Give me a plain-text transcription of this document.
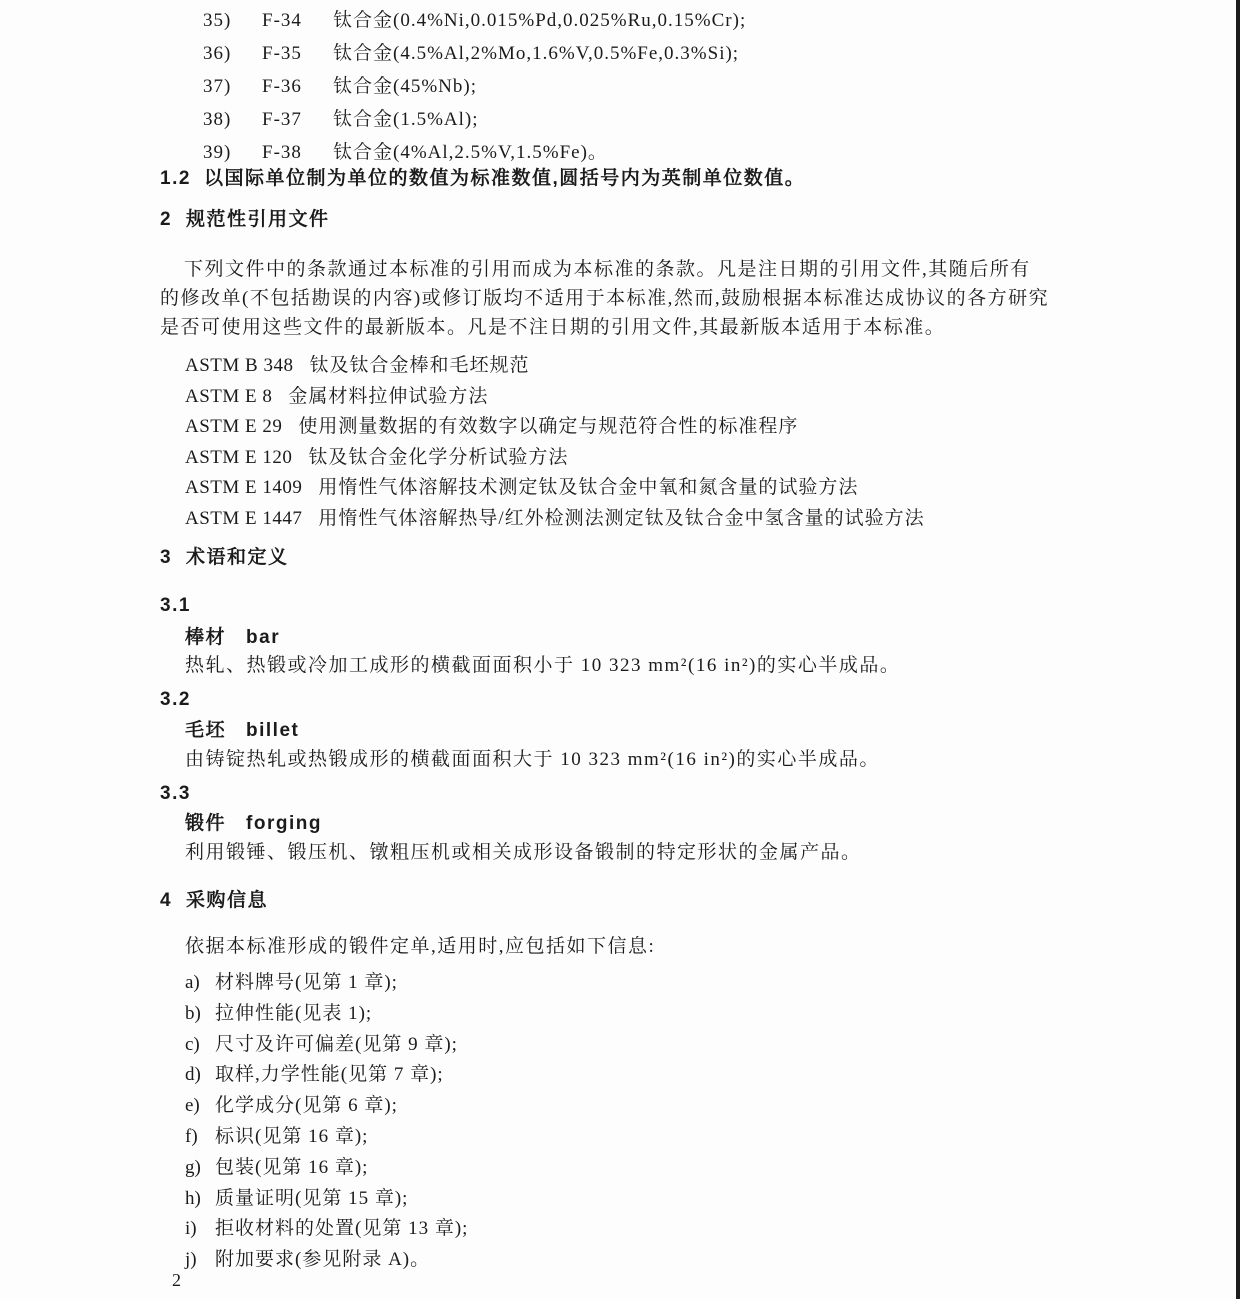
35) F-34 钛合金(0.4%Ni,0.015%Pd,0.025%Ru,0.15%Cr);
36) F-35 钛合金(4.5%Al,2%Mo,1.6%V,0.5%Fe,0.3%Si);
37) F-36 钛合金(45%Nb);
38) F-37 钛合金(1.5%Al);
39) F-38 钛合金(4%Al,2.5%V,1.5%Fe)。
1.2 以国际单位制为单位的数值为标准数值,圆括号内为英制单位数值。
2 规范性引用文件
下列文件中的条款通过本标准的引用而成为本标准的条款。凡是注日期的引用文件,其随后所有
的修改单(不包括勘误的内容)或修订版均不适用于本标准,然而,鼓励根据本标准达成协议的各方研究
是否可使用这些文件的最新版本。凡是不注日期的引用文件,其最新版本适用于本标准。
ASTM B 348 钛及钛合金棒和毛坯规范
ASTM E 8 金属材料拉伸试验方法
ASTM E 29 使用测量数据的有效数字以确定与规范符合性的标准程序
ASTM E 120 钛及钛合金化学分析试验方法
ASTM E 1409 用惰性气体溶解技术测定钛及钛合金中氧和氮含量的试验方法
ASTM E 1447 用惰性气体溶解热导/红外检测法测定钛及钛合金中氢含量的试验方法
3 术语和定义
3.1
棒材 bar
热轧、热锻或冷加工成形的横截面面积小于 10 323 mm²(16 in²)的实心半成品。
3.2
毛坯 billet
由铸锭热轧或热锻成形的横截面面积大于 10 323 mm²(16 in²)的实心半成品。
3.3
锻件 forging
利用锻锤、锻压机、镦粗压机或相关成形设备锻制的特定形状的金属产品。
4 采购信息
依据本标准形成的锻件定单,适用时,应包括如下信息:
a) 材料牌号(见第 1 章);
b) 拉伸性能(见表 1);
c) 尺寸及许可偏差(见第 9 章);
d) 取样,力学性能(见第 7 章);
e) 化学成分(见第 6 章);
f) 标识(见第 16 章);
g) 包装(见第 16 章);
h) 质量证明(见第 15 章);
i) 拒收材料的处置(见第 13 章);
j) 附加要求(参见附录 A)。
2
